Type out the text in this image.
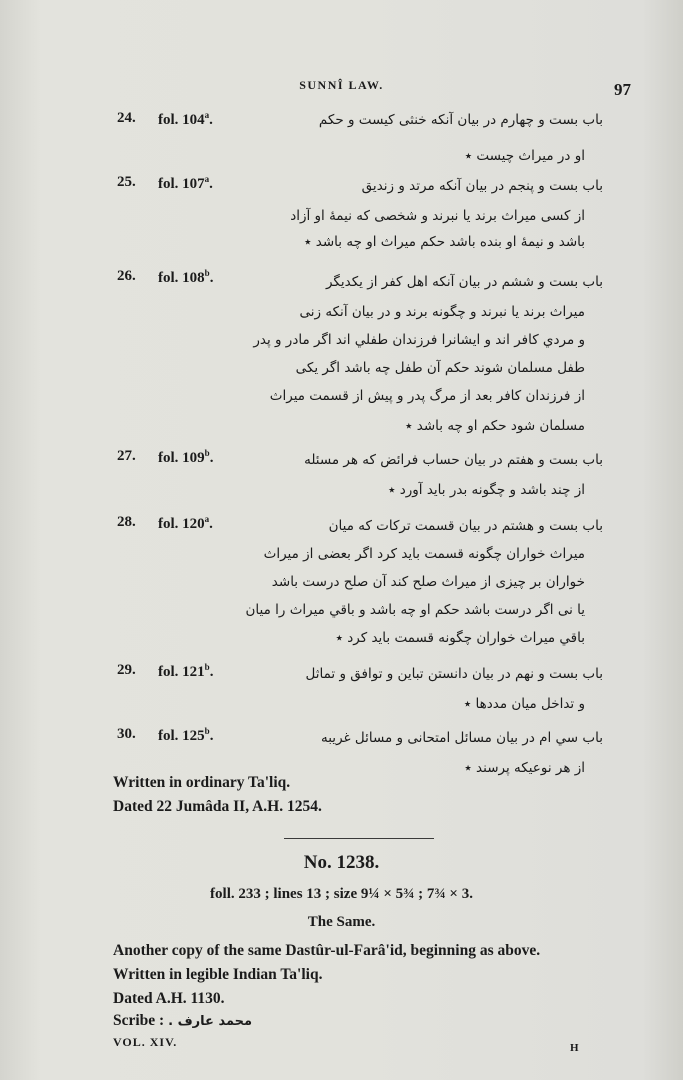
SUNNÎ LAW.	97
24. fol. 104$^a$.	باب بست و چهارم در بيان آنكه خنثى كيست و حكم
او در ميراث چيست ٭
25. fol. 107$^a$.	باب بست و پنجم در بيان آنكه مرتد و زنديق
از كسى ميراث برند يا نبرند و شخصى كه نيمهٔ او آزاد
باشد و نيمهٔ او بنده باشد حكم ميراث او چه باشد ٭
26. fol. 108$^b$.	باب بست و ششم در بيان آنكه اهل كفر از يكديگر
ميراث برند يا نبرند و چگونه برند و در بيان آنكه زنى
و مردي كافر اند و ايشانرا فرزندان طفلي اند اگر مادر و پدر
طفل مسلمان شوند حكم آن طفل چه باشد اگر يكى
از فرزندان كافر بعد از مرگ پدر و پيش از قسمت ميراث
مسلمان شود حكم او چه باشد ٭
27. fol. 109$^b$.	باب بست و هفتم در بيان حساب فرائض كه هر مسئله
از چند باشد و چگونه بدر بايد آورد ٭
28. fol. 120$^a$.	باب بست و هشتم در بيان قسمت تركات كه ميان
ميراث خواران چگونه قسمت بايد كرد اگر بعضى از ميراث
خواران بر چيزى از ميراث صلح كند آن صلح درست باشد
يا نى اگر درست باشد حكم او چه باشد و باقي ميراث را ميان
باقي ميراث خواران چگونه قسمت بايد كرد ٭
29. fol. 121$^b$.	باب بست و نهم در بيان دانستن تباين و توافق و تماثل
و تداخل ميان مددها ٭
30. fol. 125$^b$.	باب سي ام در بيان مسائل امتحانى و مسائل غريبه
از هر نوعيكه پرسند ٭
Written in ordinary Ta'liq.
Dated 22 Jumâda II, A.H. 1254.
No. 1238.
foll. 233 ; lines 13 ; size 9¼ × 5¾ ; 7¾ × 3.
The Same.
Another copy of the same Dastûr-ul-Farâ'id, beginning as above.
Written in legible Indian Ta'liq.
Dated A.H. 1130.
Scribe : محمد عارف .
VOL. XIV.	H
